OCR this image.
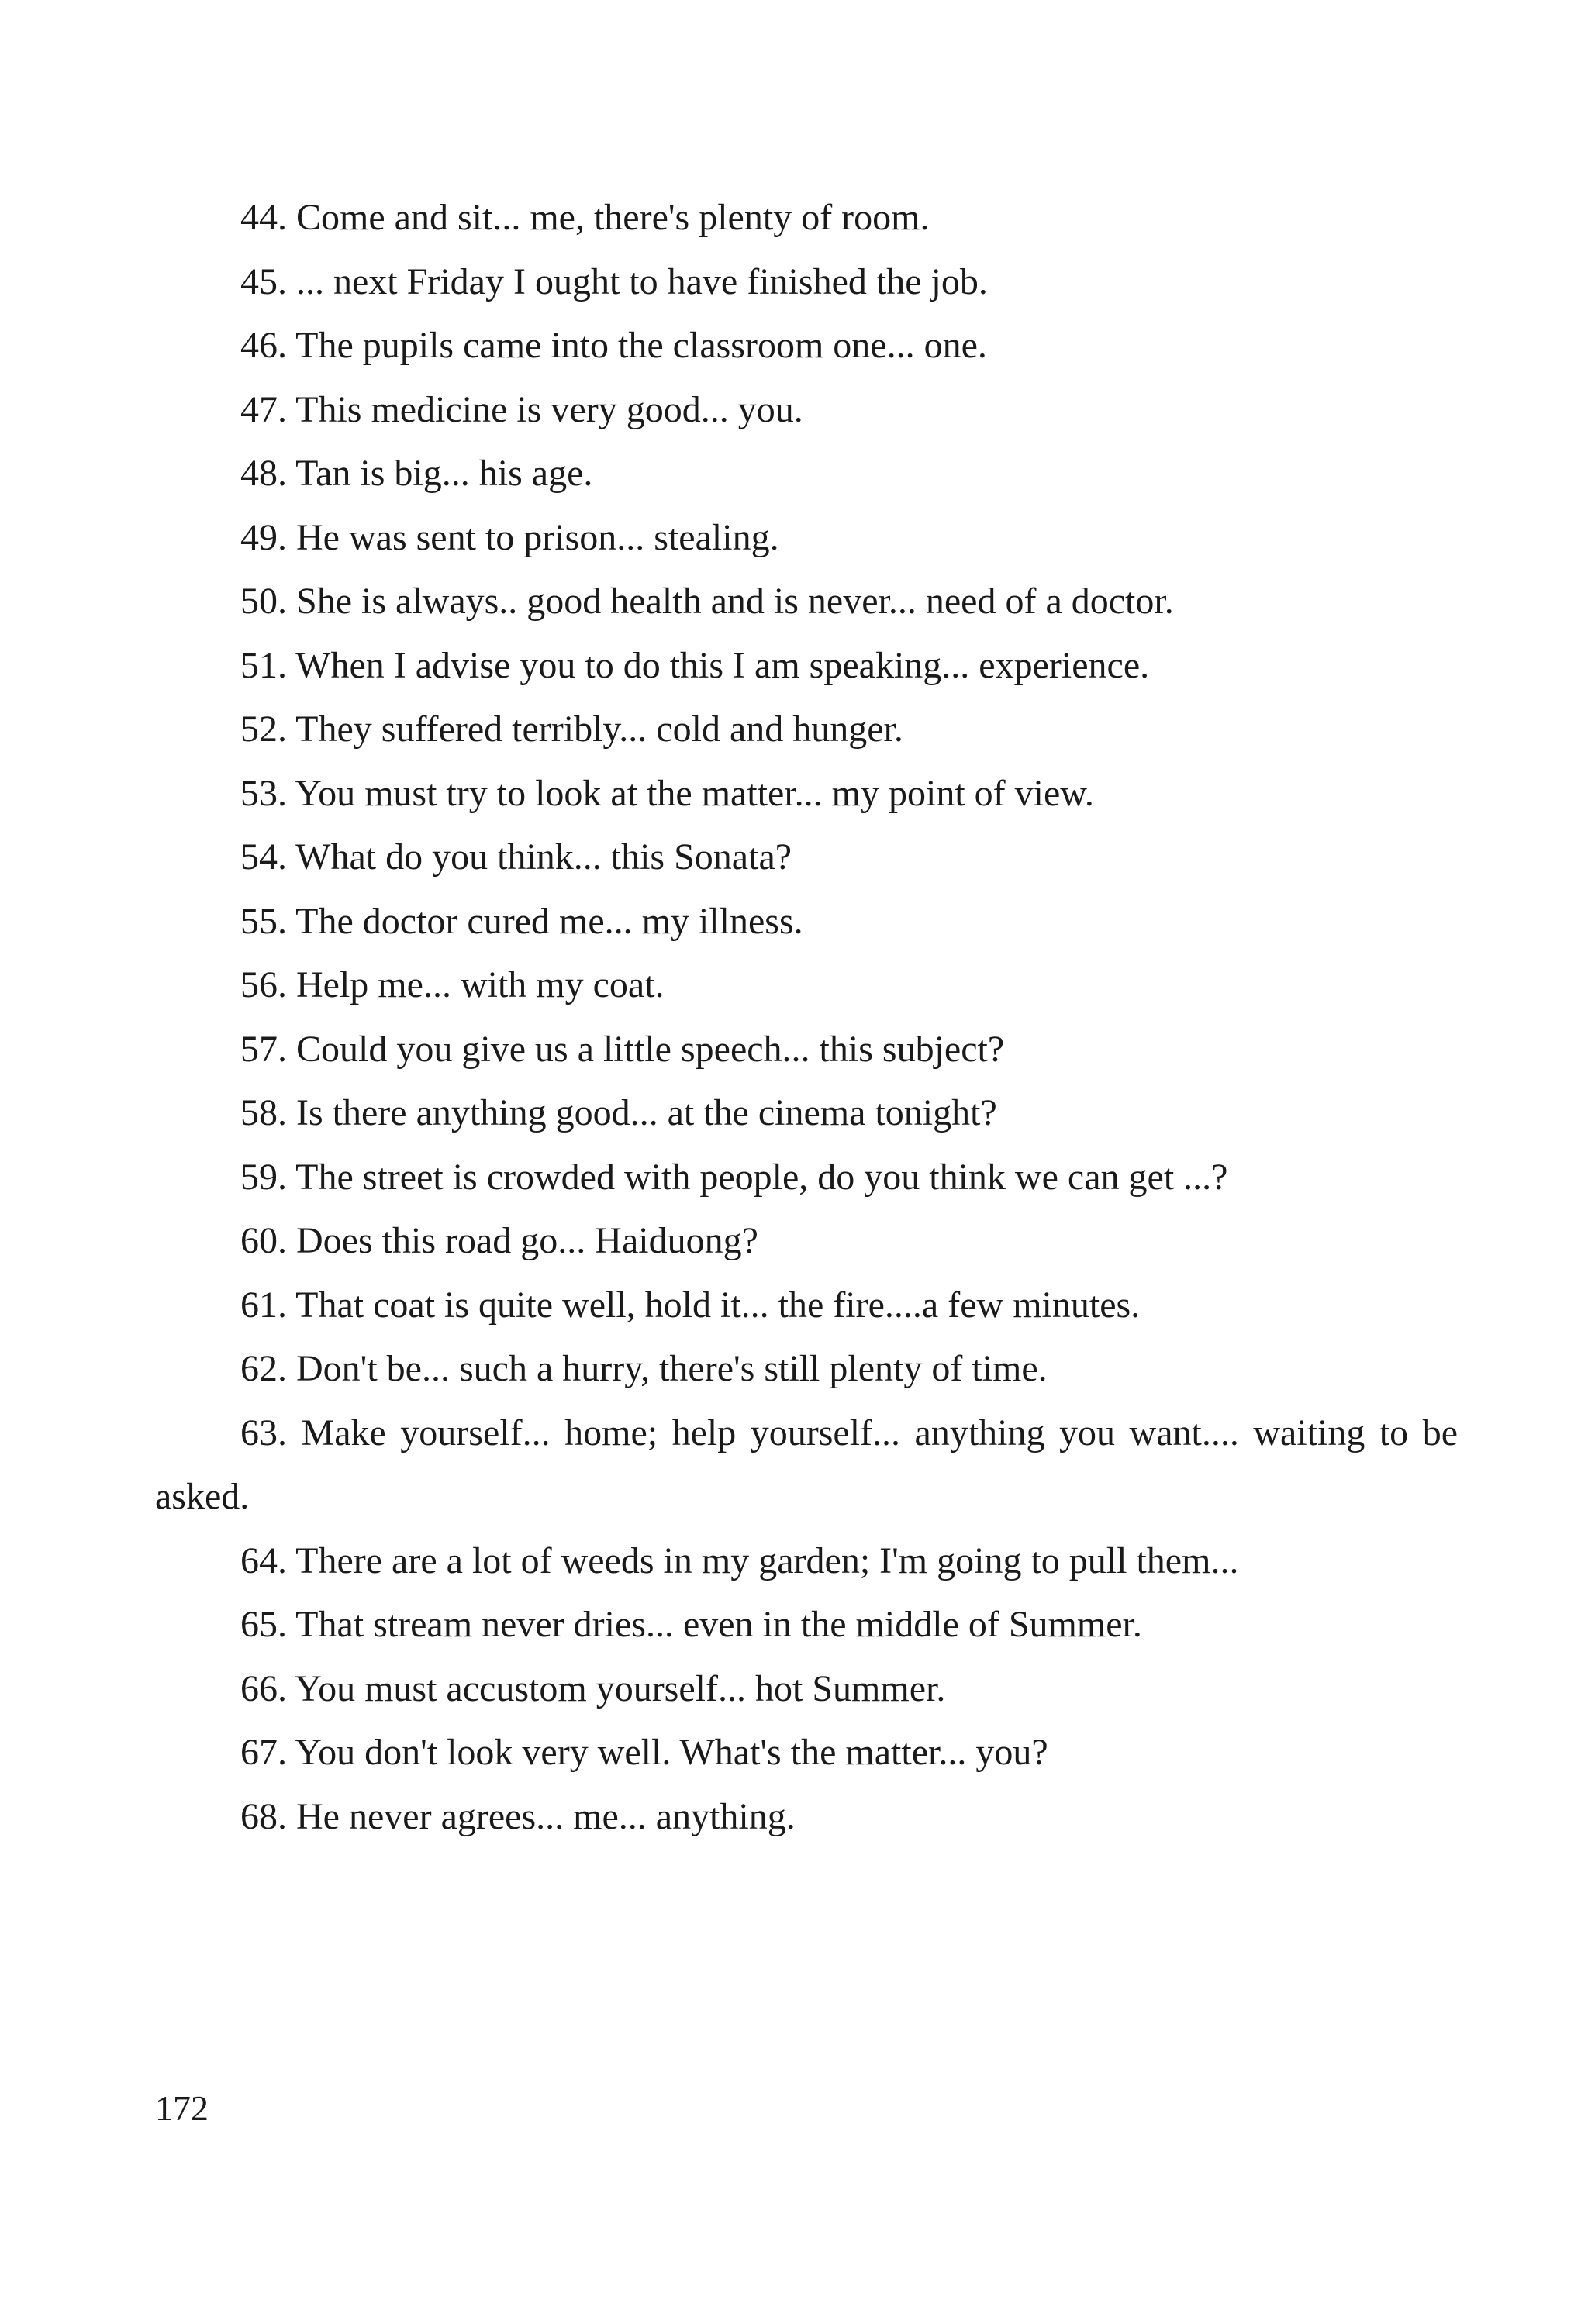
44. Come and sit... me, there's plenty of room.

45. ... next Friday I ought to have finished the job.

46. The pupils came into the classroom one... one.

47. This medicine is very good... you.

48. Tan is big... his age.

49. He was sent to prison... stealing.

50. She is always.. good health and is never... need of a doctor.

51. When I advise you to do this I am speaking... experience.

52. They suffered terribly... cold and hunger.

53. You must try to look at the matter... my point of view.

54. What do you think... this Sonata?

55. The doctor cured me... my illness.

56. Help me... with my coat.

57. Could you give us a little speech... this subject?

58. Is there anything good... at the cinema tonight?

59. The street is crowded with people, do you think we can get ...?

60. Does this road go... Haiduong?

61. That coat is quite well, hold it... the fire....a few minutes.

62. Don't be... such a hurry, there's still plenty of time.

63. Make yourself... home; help yourself... anything you want.... waiting to be asked.

64. There are a lot of weeds in my garden; I'm going to pull them...

65. That stream never dries... even in the middle of Summer.

66. You must accustom yourself... hot Summer.

67. You don't look very well. What's the matter... you?

68. He never agrees... me... anything.

172
